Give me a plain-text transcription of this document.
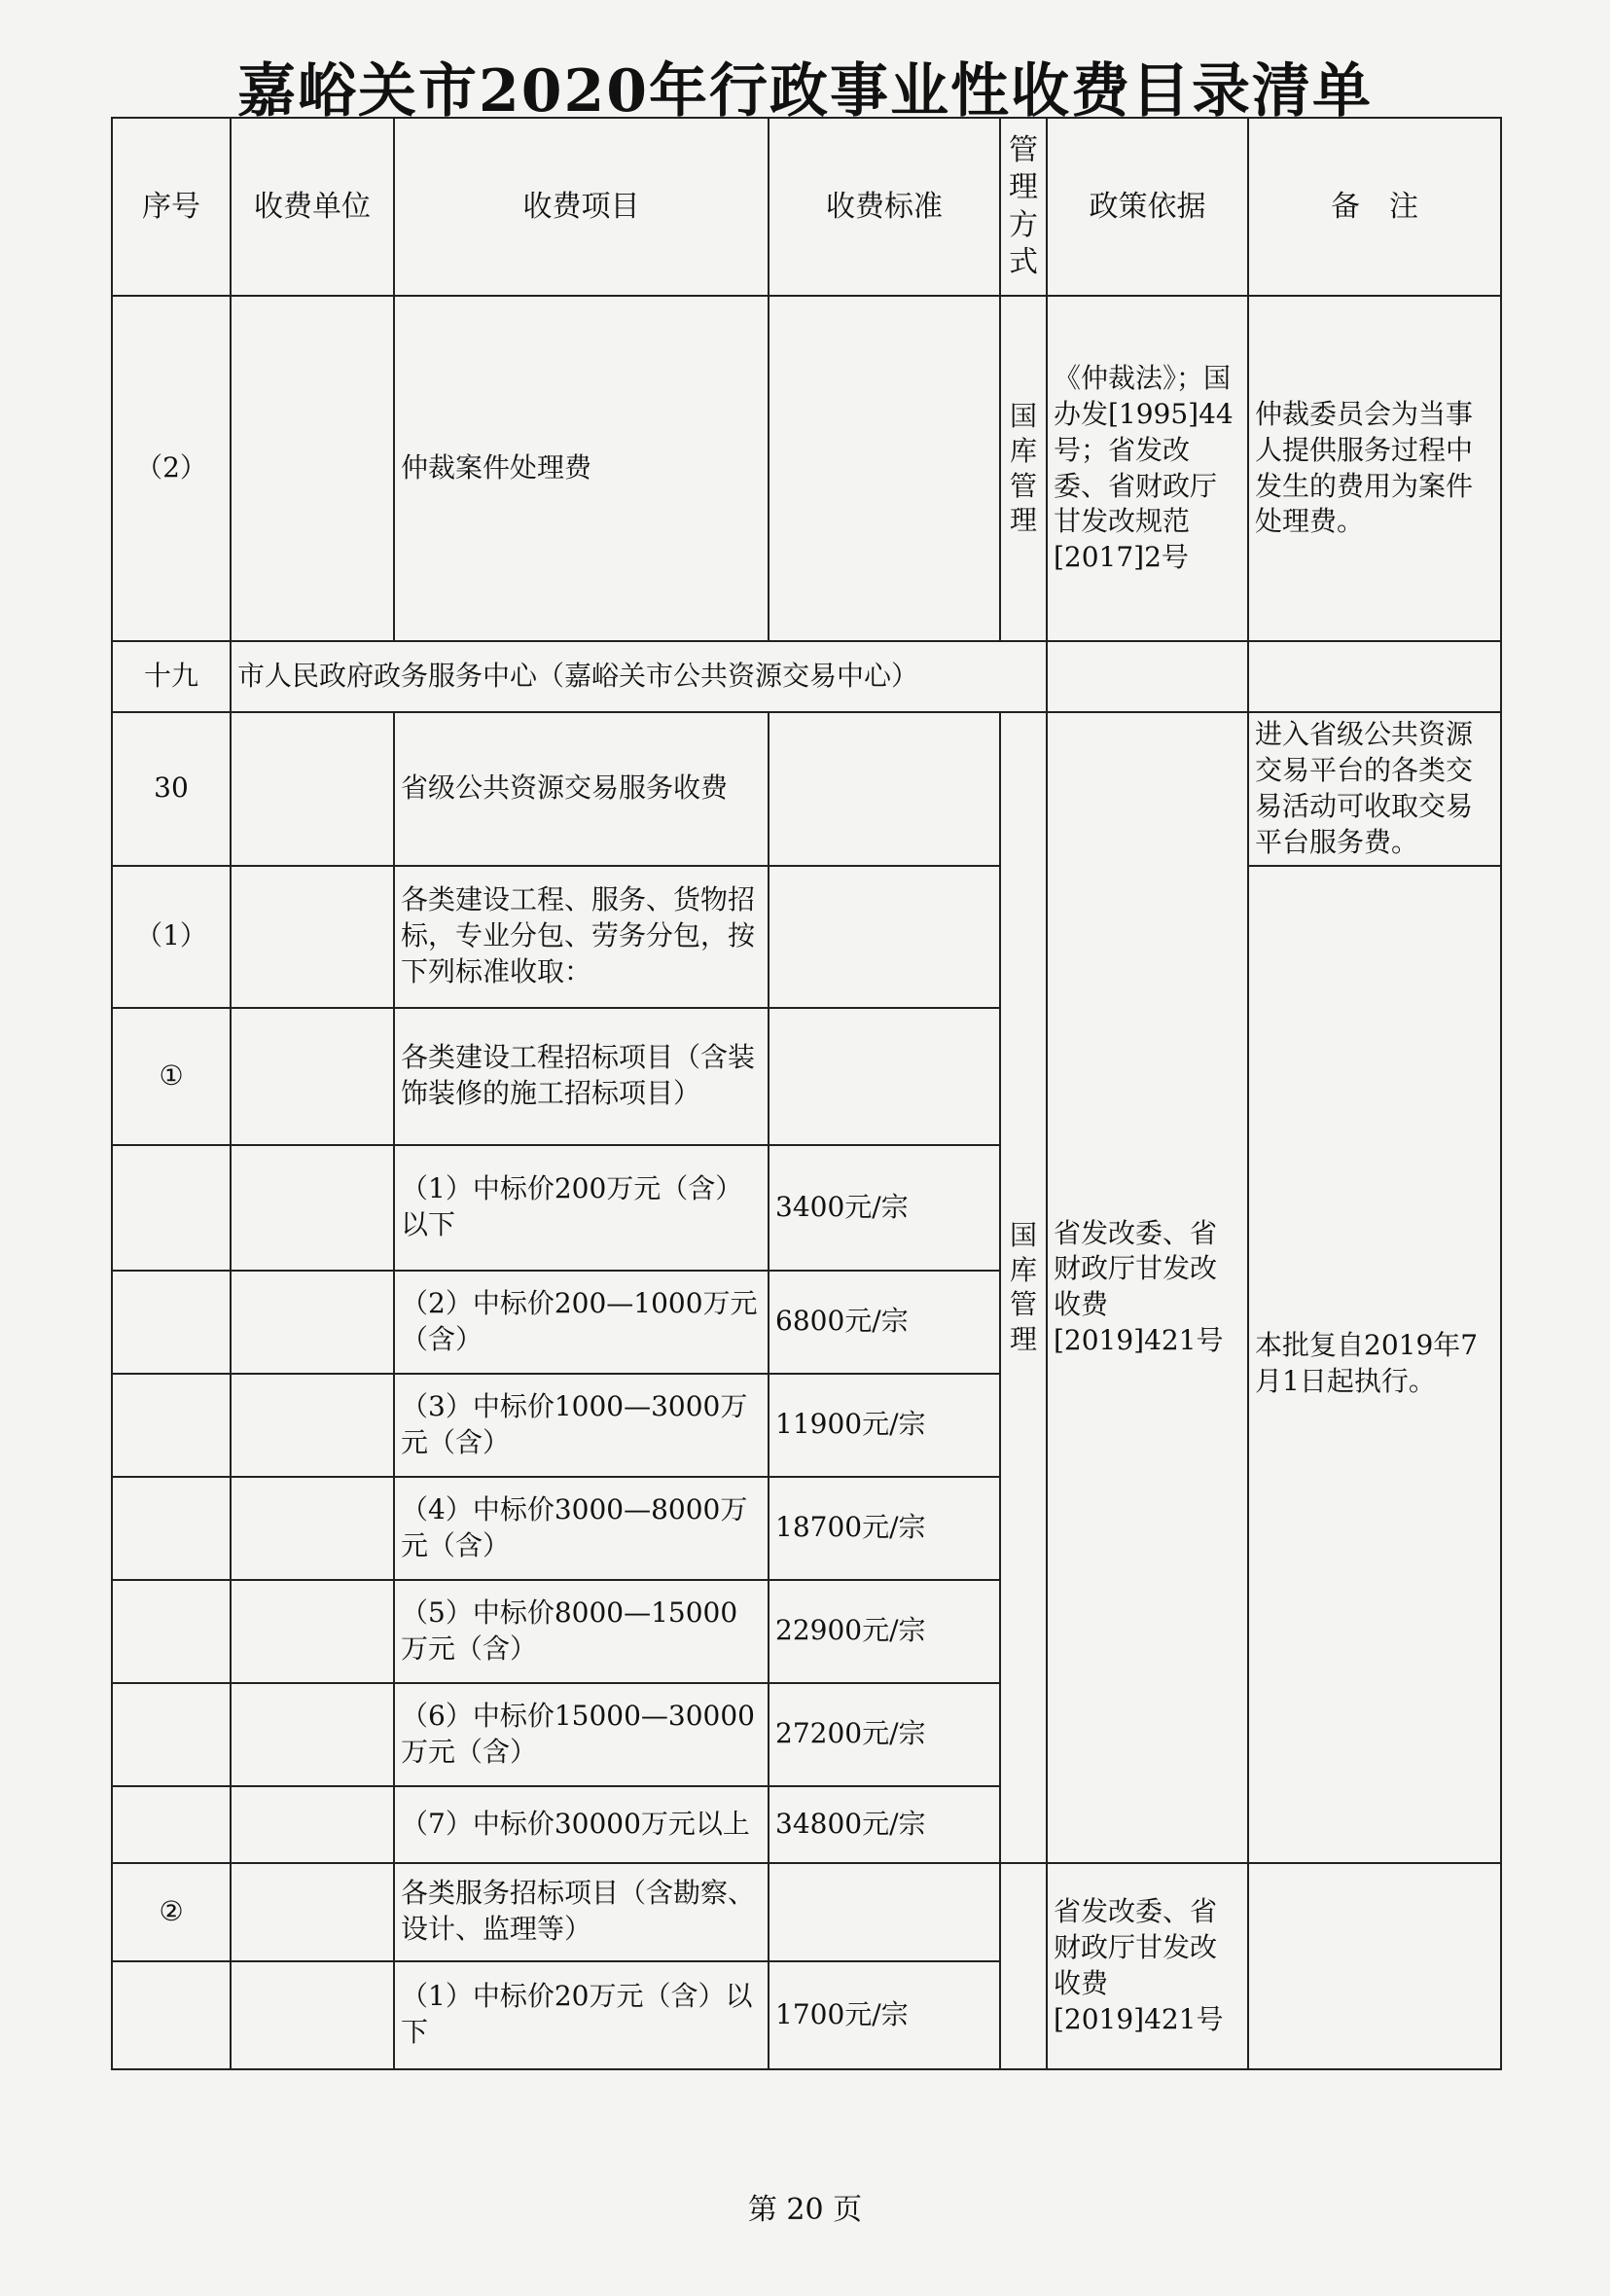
嘉峪关市2020年行政事业性收费目录清单
序号	收费单位	收费项目	收费标准	管理方式	政策依据	备　注
（2）		仲裁案件处理费		国库管理	《仲裁法》；国办发[1995]44号；省发改委、省财政厅甘发改规范[2017]2号	仲裁委员会为当事人提供服务过程中发生的费用为案件处理费。
十九	市人民政府政务服务中心（嘉峪关市公共资源交易中心）					
30		省级公共资源交易服务收费		国库管理	省发改委、省财政厅甘发改收费[2019]421号	进入省级公共资源交易平台的各类交易活动可收取交易平台服务费。
（1）		各类建设工程、服务、货物招标，专业分包、劳务分包，按下列标准收取：				本批复自2019年7月1日起执行。
①		各类建设工程招标项目（含装饰装修的施工招标项目）				
		（1）中标价200万元（含）以下	3400元/宗			
		（2）中标价200—1000万元（含）	6800元/宗			
		（3）中标价1000—3000万元（含）	11900元/宗			
		（4）中标价3000—8000万元（含）	18700元/宗			
		（5）中标价8000—15000万元（含）	22900元/宗			
		（6）中标价15000—30000万元（含）	27200元/宗			
		（7）中标价30000万元以上	34800元/宗			
②		各类服务招标项目（含勘察、设计、监理等）			省发改委、省财政厅甘发改收费[2019]421号	
		（1）中标价20万元（含）以下	1700元/宗			
第 20 页
